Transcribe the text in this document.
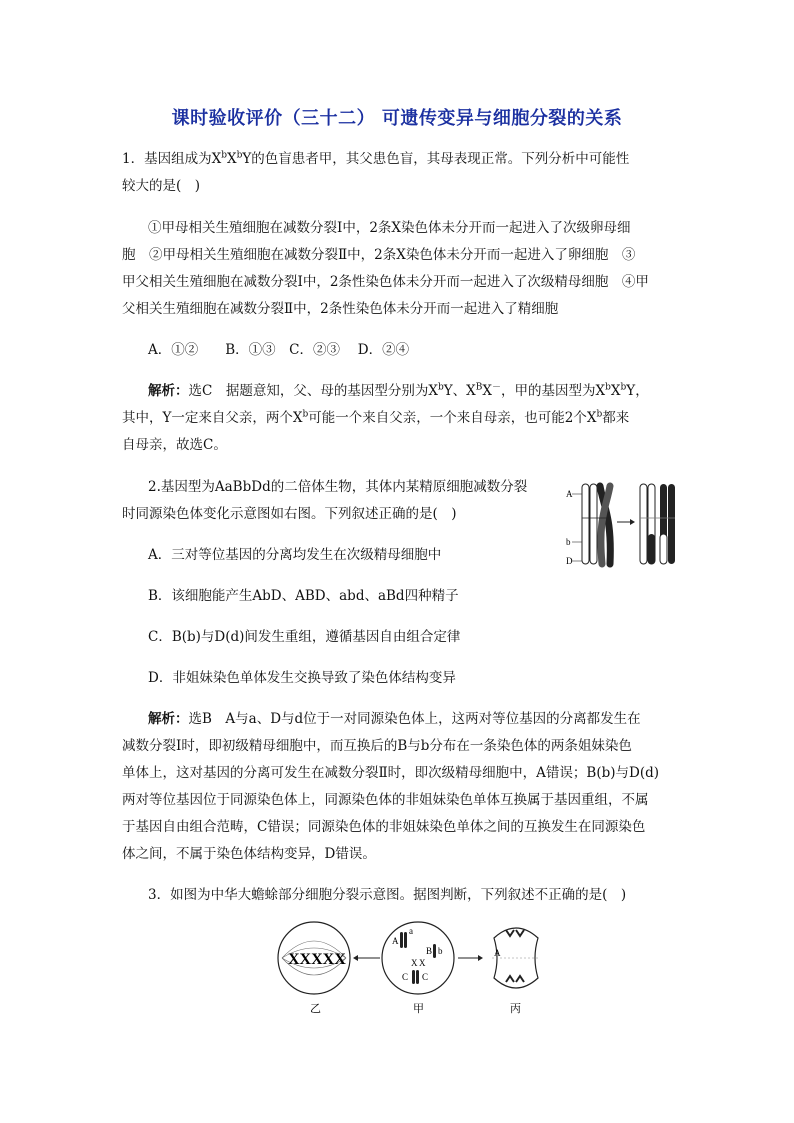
课时验收评价（三十二） 可遗传变异与细胞分裂的关系
1．基因组成为$X^bX^bY$的色盲患者甲，其父患色盲，其母表现正常。下列分析中可能性
较大的是(　)
①甲母相关生殖细胞在减数分裂Ⅰ中，2条X染色体未分开而一起进入了次级卵母细
胞　②甲母相关生殖细胞在减数分裂Ⅱ中，2条X染色体未分开而一起进入了卵细胞　③
甲父相关生殖细胞在减数分裂Ⅰ中，2条性染色体未分开而一起进入了次级精母细胞　④甲
父相关生殖细胞在减数分裂Ⅱ中，2条性染色体未分开而一起进入了精细胞
A．①②　　B．①③　C．②③　 D．②④
解析：选C　据题意知，父、母的基因型分别为$X^bY$、$X^BX^-$，甲的基因型为$X^bX^bY$，
其中，Y一定来自父亲，两个$X^b$可能一个来自父亲，一个来自母亲，也可能2个$X^b$都来
自母亲，故选C。
2.基因型为AaBbDd的二倍体生物，其体内某精原细胞减数分裂
时同源染色体变化示意图如右图。下列叙述正确的是(　)
A
b
D
A．三对等位基因的分离均发生在次级精母细胞中
B．该细胞能产生AbD、ABD、abd、aBd四种精子
C．B(b)与D(d)间发生重组，遵循基因自由组合定律
D．非姐妹染色单体发生交换导致了染色体结构变异
解析：选B　A与a、D与d位于一对同源染色体上，这两对等位基因的分离都发生在
减数分裂Ⅰ时，即初级精母细胞中，而互换后的B与b分布在一条染色体的两条姐妹染色
单体上，这对基因的分离可发生在减数分裂Ⅱ时，即次级精母细胞中，A错误；B(b)与D(d)
两对等位基因位于同源染色体上，同源染色体的非姐妹染色单体互换属于基因重组，不属
于基因自由组合范畴，C错误；同源染色体的非姐妹染色单体之间的互换发生在同源染色
体之间，不属于染色体结构变异，D错误。
3．如图为中华大蟾蜍部分细胞分裂示意图。据图判断，下列叙述不正确的是(　)
XXXXX
A
a
B b
X X
C C
A
乙	甲	丙
